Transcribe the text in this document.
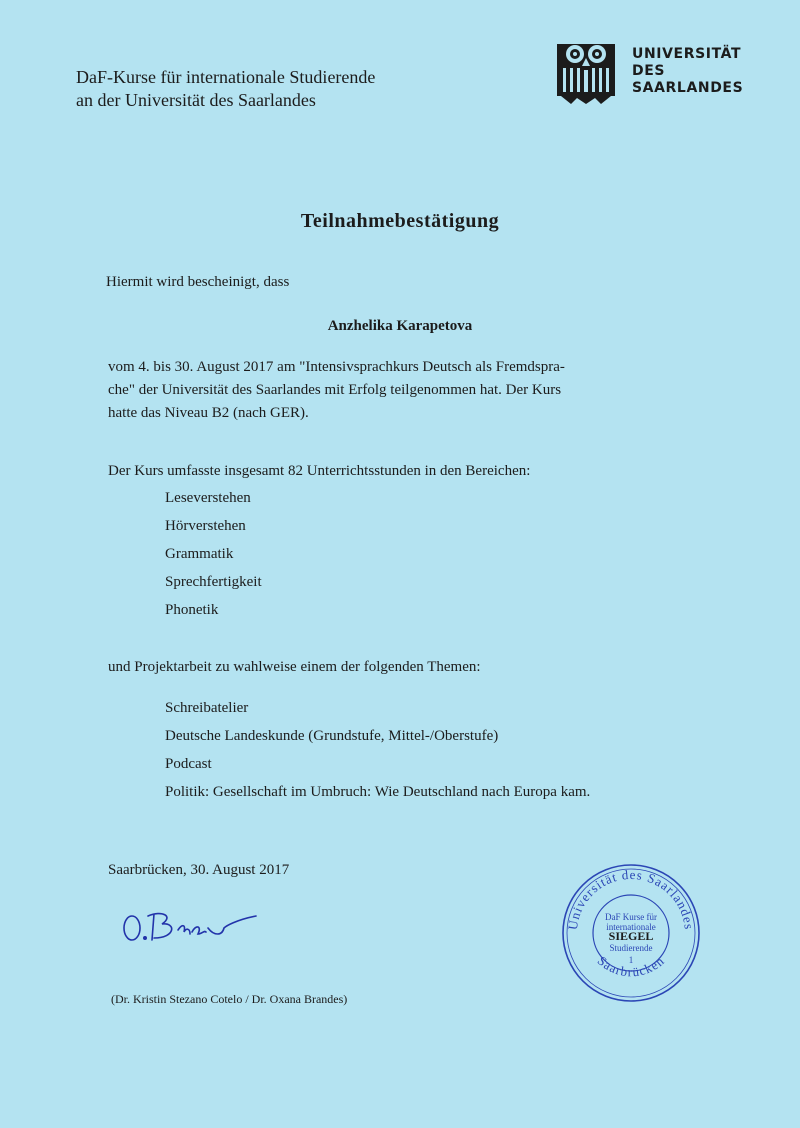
DaF-Kurse für internationale Studierende
an der Universität des Saarlandes
UNIVERSITÄT
DES
SAARLANDES
Teilnahmebestätigung
Hiermit wird bescheinigt, dass
Anzhelika Karapetova
vom 4. bis 30. August 2017 am "Intensivsprachkurs Deutsch als Fremdspra-
che" der Universität des Saarlandes mit Erfolg teilgenommen hat. Der Kurs
hatte das Niveau B2 (nach GER).
Der Kurs umfasste insgesamt 82 Unterrichtsstunden in den Bereichen:
Leseverstehen
Hörverstehen
Grammatik
Sprechfertigkeit
Phonetik
und Projektarbeit zu wahlweise einem der folgenden Themen:
Schreibatelier
Deutsche Landeskunde (Grundstufe, Mittel-/Oberstufe)
Podcast
Politik: Gesellschaft im Umbruch: Wie Deutschland nach Europa kam.
Saarbrücken, 30. August 2017
Universität des Saarlandes
Saarbrücken
DaF Kurse für
internationale
SIEGEL
Studierende
1
(Dr. Kristin Stezano Cotelo / Dr. Oxana Brandes)
